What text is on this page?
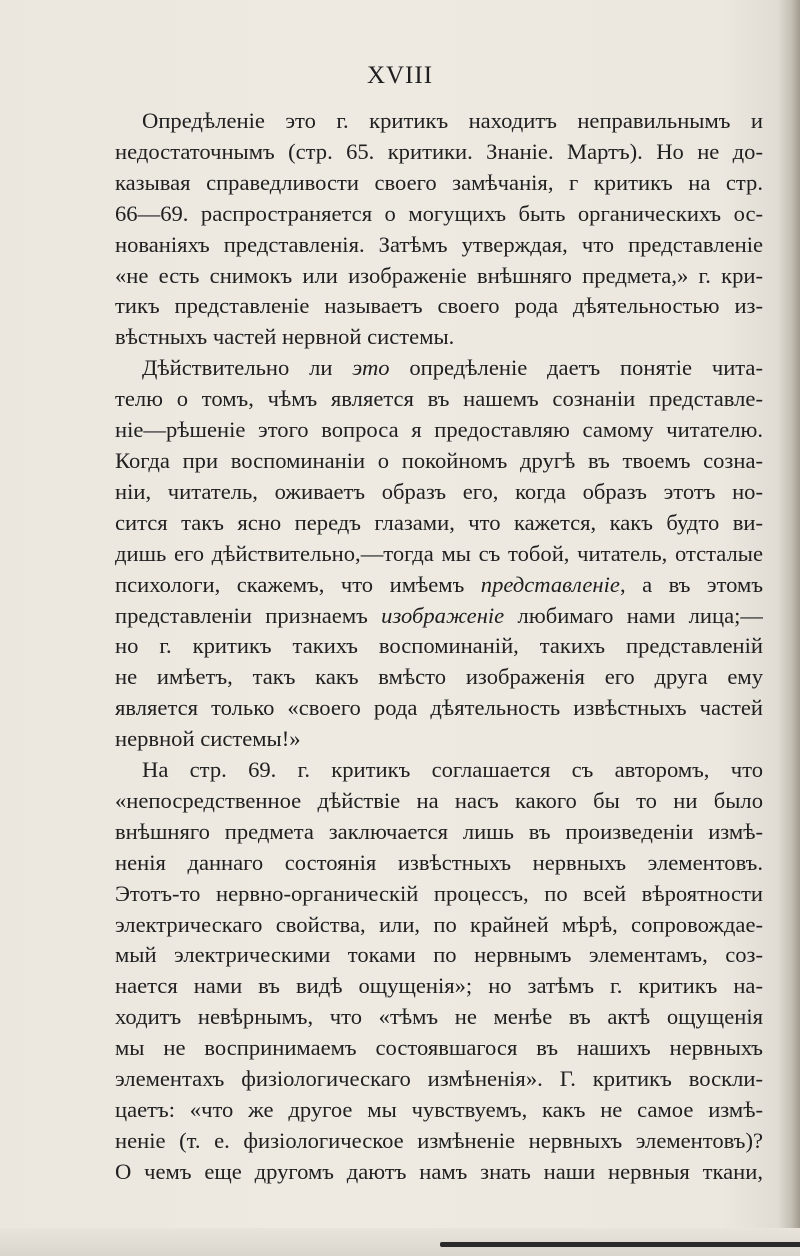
XVIII
Опредѣленіе это г. критикъ находитъ неправильнымъ и
недостаточнымъ (стр. 65. критики. Знаніе. Мартъ). Но не до-
казывая справедливости своего замѣчанія, г критикъ на стр.
66—69. распространяется о могущихъ быть органическихъ ос-
нованіяхъ представленія. Затѣмъ утверждая, что представленіе
«не есть снимокъ или изображеніе внѣшняго предмета,» г. кри-
тикъ представленіе называетъ своего рода дѣятельностью из-
вѣстныхъ частей нервной системы.
Дѣйствительно ли это опредѣленіе даетъ понятіе чита-
телю о томъ, чѣмъ является въ нашемъ сознаніи представле-
ніе—рѣшеніе этого вопроса я предоставляю самому читателю.
Когда при воспоминаніи о покойномъ другѣ въ твоемъ созна-
ніи, читатель, оживаетъ образъ его, когда образъ этотъ но-
сится такъ ясно передъ глазами, что кажется, какъ будто ви-
дишь его дѣйствительно,—тогда мы съ тобой, читатель, отсталые
психологи, скажемъ, что имѣемъ представленіе, а въ этомъ
представленіи признаемъ изображеніе любимаго нами лица;—
но г. критикъ такихъ воспоминаній, такихъ представленій
не имѣетъ, такъ какъ вмѣсто изображенія его друга ему
является только «своего рода дѣятельность извѣстныхъ частей
нервной системы!»
На стр. 69. г. критикъ соглашается съ авторомъ, что
«непосредственное дѣйствіе на насъ какого бы то ни было
внѣшняго предмета заключается лишь въ произведеніи измѣ-
ненія даннаго состоянія извѣстныхъ нервныхъ элементовъ.
Этотъ-то нервно-органическій процессъ, по всей вѣроятности
электрическаго свойства, или, по крайней мѣрѣ, сопровождае-
мый электрическими токами по нервнымъ элементамъ, соз-
нается нами въ видѣ ощущенія»; но затѣмъ г. критикъ на-
ходитъ невѣрнымъ, что «тѣмъ не менѣе въ актѣ ощущенія
мы не воспринимаемъ состоявшагося въ нашихъ нервныхъ
элементахъ физіологическаго измѣненія». Г. критикъ воскли-
цаетъ: «что же другое мы чувствуемъ, какъ не самое измѣ-
неніе (т. е. физіологическое измѣненіе нервныхъ элементовъ)?
О чемъ еще другомъ даютъ намъ знать наши нервныя ткани,
